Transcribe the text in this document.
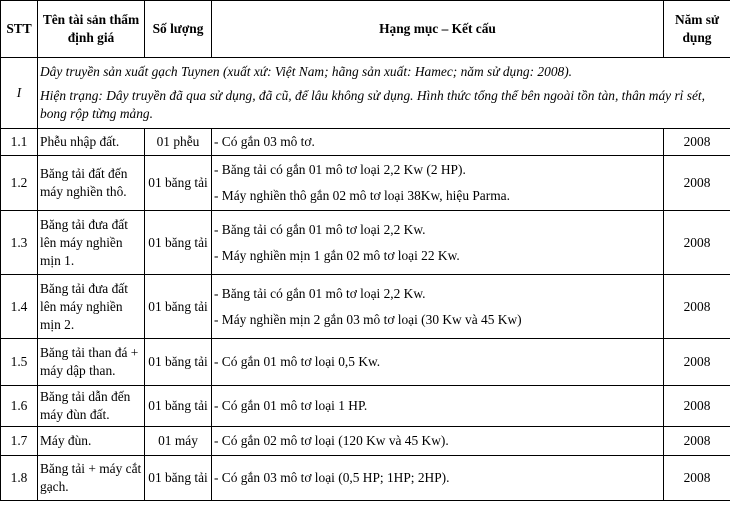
STT	Tên tài sản thẩm định giá	Số lượng	Hạng mục – Kết cấu	Năm sử dụng
I	Dây truyền sản xuất gạch Tuynen (xuất xứ: Việt Nam; hãng sản xuất: Hamec; năm sử dụng: 2008).
Hiện trạng: Dây truyền đã qua sử dụng, đã cũ, để lâu không sử dụng. Hình thức tổng thể bên ngoài tồn tàn, thân máy rỉ sét, bong rộp từng mảng.			

1.1	Phễu nhập đất.	01 phễu	- Có gắn 03 mô tơ.	2008
1.2	Băng tải đất đến máy nghiền thô.	01 băng tải	- Băng tải có gắn 01 mô tơ loại 2,2 Kw (2 HP).
- Máy nghiền thô gắn 02 mô tơ loại 38Kw, hiệu Parma.	2008
1.3	Băng tải đưa đất lên máy nghiền mịn 1.	01 băng tải	- Băng tải có gắn 01 mô tơ loại 2,2 Kw.
- Máy nghiền mịn 1 gắn 02 mô tơ loại 22 Kw.	2008
1.4	Băng tải đưa đất lên máy nghiền mịn 2.	01 băng tải	- Băng tải có gắn 01 mô tơ loại 2,2 Kw.
- Máy nghiền mịn 2 gắn 03 mô tơ loại (30 Kw và 45 Kw)	2008
1.5	Băng tải than đá + máy dập than.	01 băng tải	- Có gắn 01 mô tơ loại 0,5 Kw.	2008
1.6	Băng tải dẫn đến máy đùn đất.	01 băng tải	- Có gắn 01 mô tơ loại 1 HP.	2008
1.7	Máy đùn.	01 máy	- Có gắn 02 mô tơ loại (120 Kw và 45 Kw).	2008
1.8	Băng tải + máy cắt gạch.	01 băng tải	- Có gắn 03 mô tơ loại (0,5 HP; 1HP; 2HP).	2008
